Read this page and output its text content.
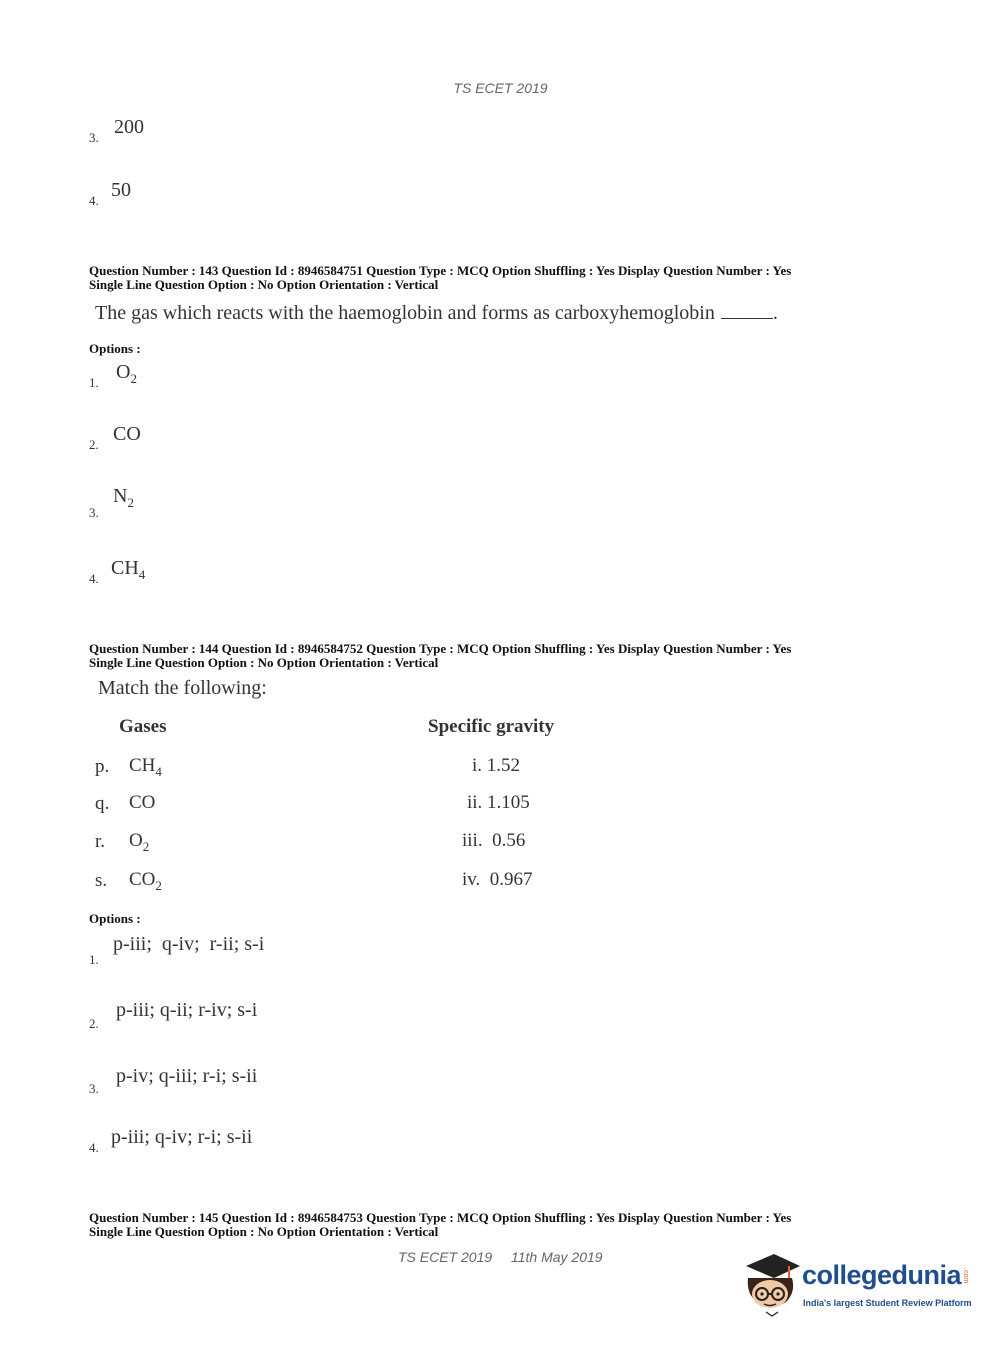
TS ECET 2019
3. 200
4. 50
Question Number : 143 Question Id : 8946584751 Question Type : MCQ Option Shuffling : Yes Display Question Number : Yes
Single Line Question Option : No Option Orientation : Vertical
The gas which reacts with the haemoglobin and forms as carboxyhemoglobin	.
Options :
1. $O_2$
2. CO
3.
$N_2$
4. $CH_4$
Question Number : 144 Question Id : 8946584752 Question Type : MCQ Option Shuffling : Yes Display Question Number : Yes
Single Line Question Option : No Option Orientation : Vertical
Match the following:
Gases	Specific gravity
p. $CH_4$	i. 1.52
q. CO	ii. 1.105
r. $O_2$	iii.  0.56
s. $CO_2$	iv.  0.967
Options :
1.
p-iii;  q-iv;  r-ii; s-i
2.
p-iii; q-ii; r-iv; s-i
3.
p-iv; q-iii; r-i; s-ii
4. p-iii; q-iv; r-i; s-ii
Question Number : 145 Question Id : 8946584753 Question Type : MCQ Option Shuffling : Yes Display Question Number : Yes
Single Line Question Option : No Option Orientation : Vertical
TS ECET 2019 11th May 2019
collegedunia .com
India's largest Student Review Platform
